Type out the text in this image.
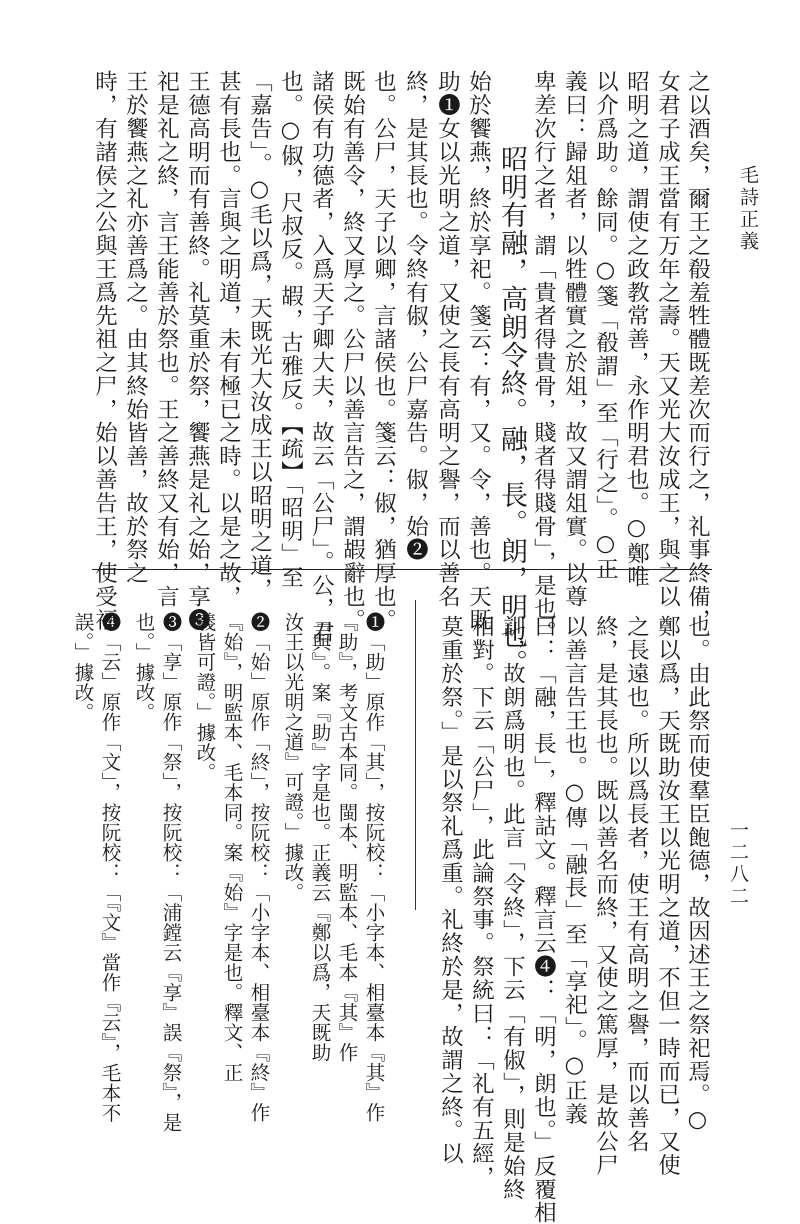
毛詩正義
一二八二
之以酒矣，爾王之殽羞牲體既差次而行之，礼事終備，
女君子成王當有万年之壽。天又光大汝成王，與之以
昭明之道，謂使之政教常善，永作明君也。○鄭唯
以介爲助。餘同。○箋「殽謂」至「行之」。○正
義曰：歸俎者，以牲體實之於俎，故又謂俎實。以尊
卑差次行之者，謂「貴者得貴骨，賤者得賤骨」，是也。
昭明有融，高朗令終。融，長。朗，明也。
始於饗燕，終於享祀。箋云：有，又。令，善也。天既
助❶女以光明之道，又使之長有高明之譽，而以善名
終，是其長也。令終有俶，公尸嘉告。俶，始❷
也。公尸，天子以卿，言諸侯也。箋云：俶，猶厚也。
既始有善令，終又厚之。公尸以善言告之，謂嘏辭也。
諸侯有功德者，入爲天子卿大夫，故云「公尸」。公，君
也。○俶，尺叔反。嘏，古雅反。【疏】「昭明」至
「嘉告」。○毛以爲，天既光大汝成王以昭明之道，
甚有長也。言與之明道，未有極已之時。以是之故，
王德高明而有善終。礼莫重於祭，饗燕是礼之始，享❸
祀是礼之終，言王能善於祭也。王之善終又有始，言
王於饗燕之礼亦善爲之。由其終始皆善，故於祭之
時，有諸侯之公與王爲先祖之尸，始以善告王，使受福
也。由此祭而使羣臣飽德，故因述王之祭祀焉。○
鄭以爲，天既助汝王以光明之道，不但一時而已，又使
之長遠也。所以爲長者，使王有高明之譽，而以善名
終，是其長也。既以善名而終，又使之篤厚，是故公尸
以善言告王也。○傳「融長」至「享祀」。○正義
曰：「融，長」，釋詁文。釋言云❹：「明，朗也。」反覆相
訓，故朗爲明也。此言「令終」，下云「有俶」，則是始終
相對。下云「公尸」，此論祭事。祭統曰：「礼有五經，
莫重於祭。」是以祭礼爲重。礼終於是，故謂之終。以
❶「助」原作「其」，按阮校：「小字本、相臺本『其』作
『助』，考文古本同。閩本、明監本、毛本『其』作
『與』。案『助』字是也。正義云『鄭以爲，天既助
汝王以光明之道』可證。」據改。
❷「始」原作「終」，按阮校：「小字本、相臺本『終』作
『始』，明監本、毛本同。案『始』字是也。釋文、正
義皆可證。」據改。
❸「享」原作「祭」，按阮校：「浦鏜云『享』誤『祭』，是
也。」據改。
❹「云」原作「文」，按阮校：「『文』當作『云』，毛本不
誤。」據改。
